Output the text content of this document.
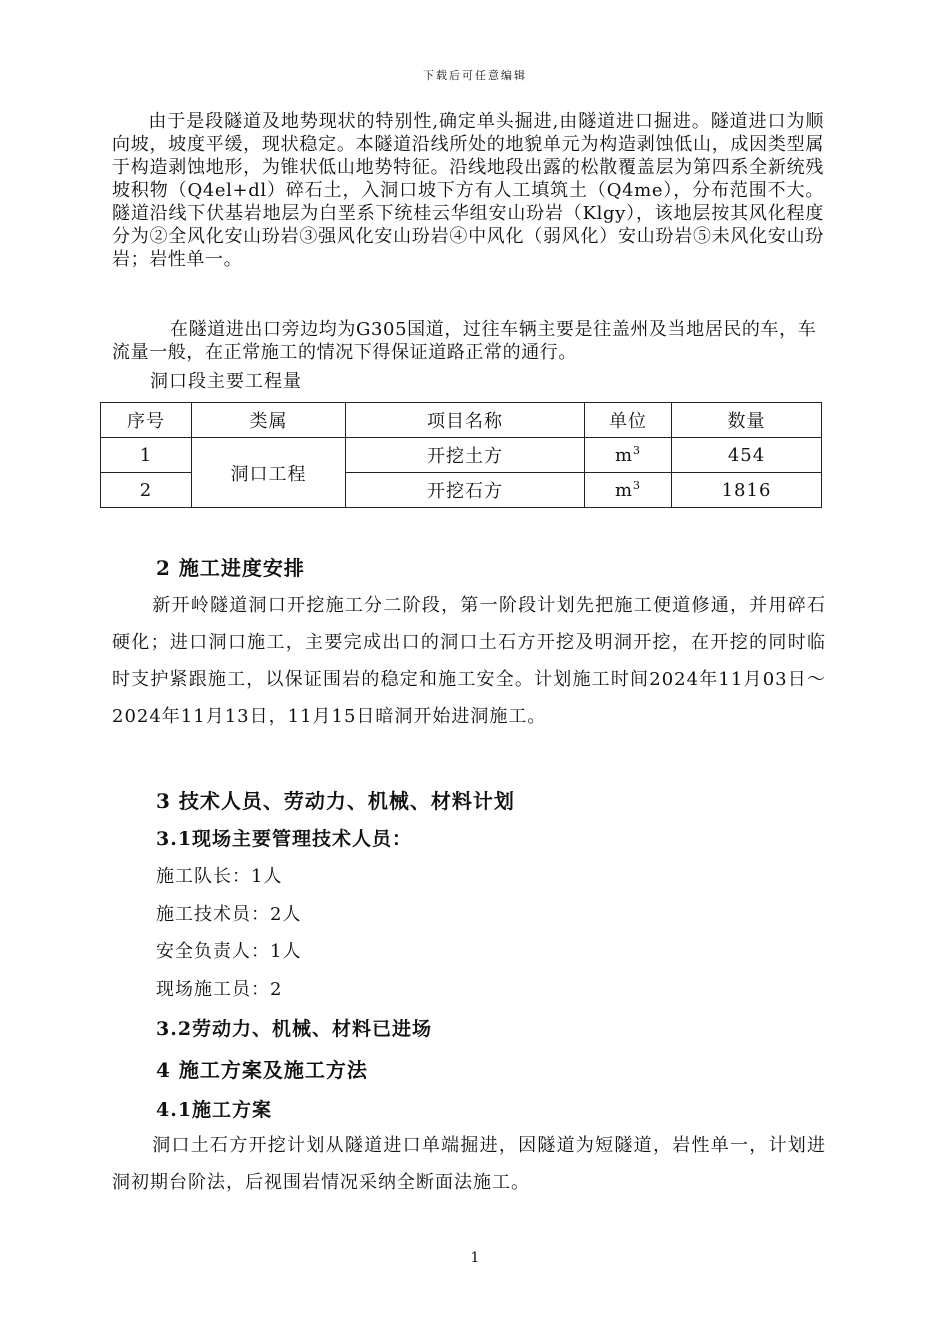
下载后可任意编辑
由于是段隧道及地势现状的特别性,确定单头掘进,由隧道进口掘进。隧道进口为顺向坡，坡度平缓，现状稳定。本隧道沿线所处的地貌单元为构造剥蚀低山，成因类型属于构造剥蚀地形，为锥状低山地势特征。沿线地段出露的松散覆盖层为第四系全新统残坡积物（Q4el+dl）碎石土，入洞口坡下方有人工填筑土（Q4me），分布范围不大。隧道沿线下伏基岩地层为白垩系下统桂云华组安山玢岩（Klgy），该地层按其风化程度分为②全风化安山玢岩③强风化安山玢岩④中风化（弱风化）安山玢岩⑤未风化安山玢岩；岩性单一。
在隧道进出口旁边均为G305国道，过往车辆主要是往盖州及当地居民的车，车流量一般，在正常施工的情况下得保证道路正常的通行。
洞口段主要工程量
序号	类属	项目名称	单位	数量
1	洞口工程	开挖土方	$m^3$	454
2		开挖石方	$m^3$	1816
2 施工进度安排
新开岭隧道洞口开挖施工分二阶段，第一阶段计划先把施工便道修通，并用碎石硬化；进口洞口施工，主要完成出口的洞口土石方开挖及明洞开挖，在开挖的同时临时支护紧跟施工，以保证围岩的稳定和施工安全。计划施工时间2024年11月03日～2024年11月13日，11月15日暗洞开始进洞施工。
3 技术人员、劳动力、机械、材料计划
3.1现场主要管理技术人员：
施工队长：1人
施工技术员：2人
安全负责人：1人
现场施工员：2
3.2劳动力、机械、材料已进场
4 施工方案及施工方法
4.1施工方案
洞口土石方开挖计划从隧道进口单端掘进，因隧道为短隧道，岩性单一，计划进洞初期台阶法，后视围岩情况采纳全断面法施工。
1
